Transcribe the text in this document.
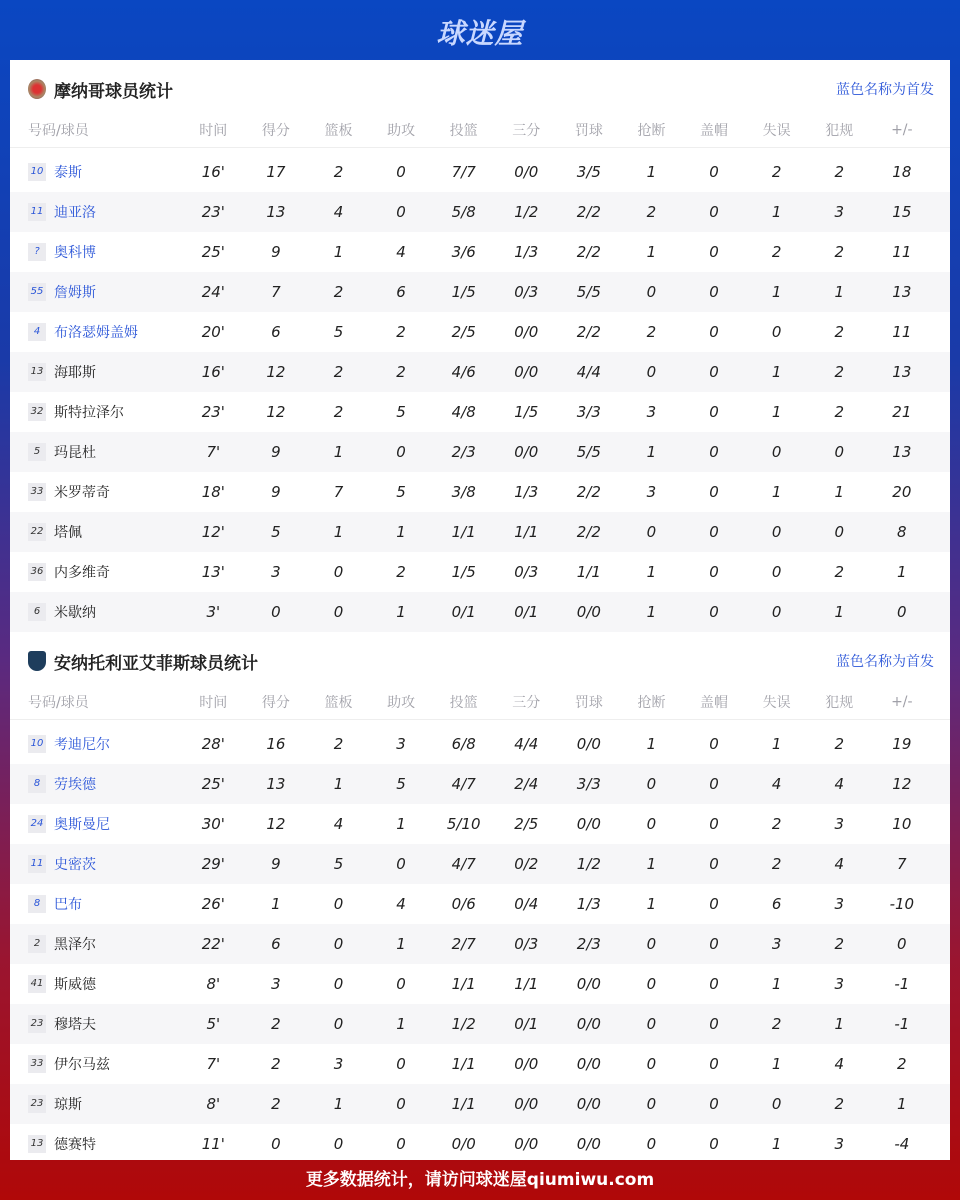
球迷屋
摩纳哥球员统计	蓝色名称为首发
号码/球员	时间	得分	篮板	助攻	投篮	三分	罚球	抢断	盖帽	失误	犯规	+/-
10 泰斯	16'	17	2	0	7/7	0/0	3/5	1	0	2	2	18
11 迪亚洛	23'	13	4	0	5/8	1/2	2/2	2	0	1	3	15
?	奥科博	25'	9	1	4	3/6	1/3	2/2	1	0	2	2	11
55 詹姆斯	24'	7	2	6	1/5	0/3	5/5	0	0	1	1	13
4 布洛瑟姆盖姆	20'	6	5	2	2/5	0/0	2/2	2	0	0	2	11
13 海耶斯	16'	12	2	2	4/6	0/0	4/4	0	0	1	2	13
32 斯特拉泽尔	23'	12	2	5	4/8	1/5	3/3	3	0	1	2	21
5 玛昆杜	7'	9	1	0	2/3	0/0	5/5	1	0	0	0	13
33 米罗蒂奇	18'	9	7	5	3/8	1/3	2/2	3	0	1	1	20
22 塔佩	12'	5	1	1	1/1	1/1	2/2	0	0	0	0	8
36 内多维奇	13'	3	0	2	1/5	0/3	1/1	1	0	0	2	1
6 米歇纳	3'	0	0	1	0/1	0/1	0/0	1	0	0	1	0
安纳托利亚艾菲斯球员统计	蓝色名称为首发
号码/球员	时间	得分	篮板	助攻	投篮	三分	罚球	抢断	盖帽	失误	犯规	+/-
10 考迪尼尔	28'	16	2	3	6/8	4/4	0/0	1	0	1	2	19
8 劳埃德	25'	13	1	5	4/7	2/4	3/3	0	0	4	4	12
24 奥斯曼尼	30'	12	4	1	5/10	2/5	0/0	0	0	2	3	10
11 史密茨	29'	9	5	0	4/7	0/2	1/2	1	0	2	4	7
8 巴布	26'	1	0	4	0/6	0/4	1/3	1	0	6	3	-10
2 黑泽尔	22'	6	0	1	2/7	0/3	2/3	0	0	3	2	0
41 斯威德	8'	3	0	0	1/1	1/1	0/0	0	0	1	3	-1
23 穆塔夫	5'	2	0	1	1/2	0/1	0/0	0	0	2	1	-1
33 伊尔马兹	7'	2	3	0	1/1	0/0	0/0	0	0	1	4	2
23 琼斯	8'	2	1	0	1/1	0/0	0/0	0	0	0	2	1
13 德赛特	11'	0	0	0	0/0	0/0	0/0	0	0	1	3	-4
更多数据统计，请访问球迷屋qiumiwu.com
